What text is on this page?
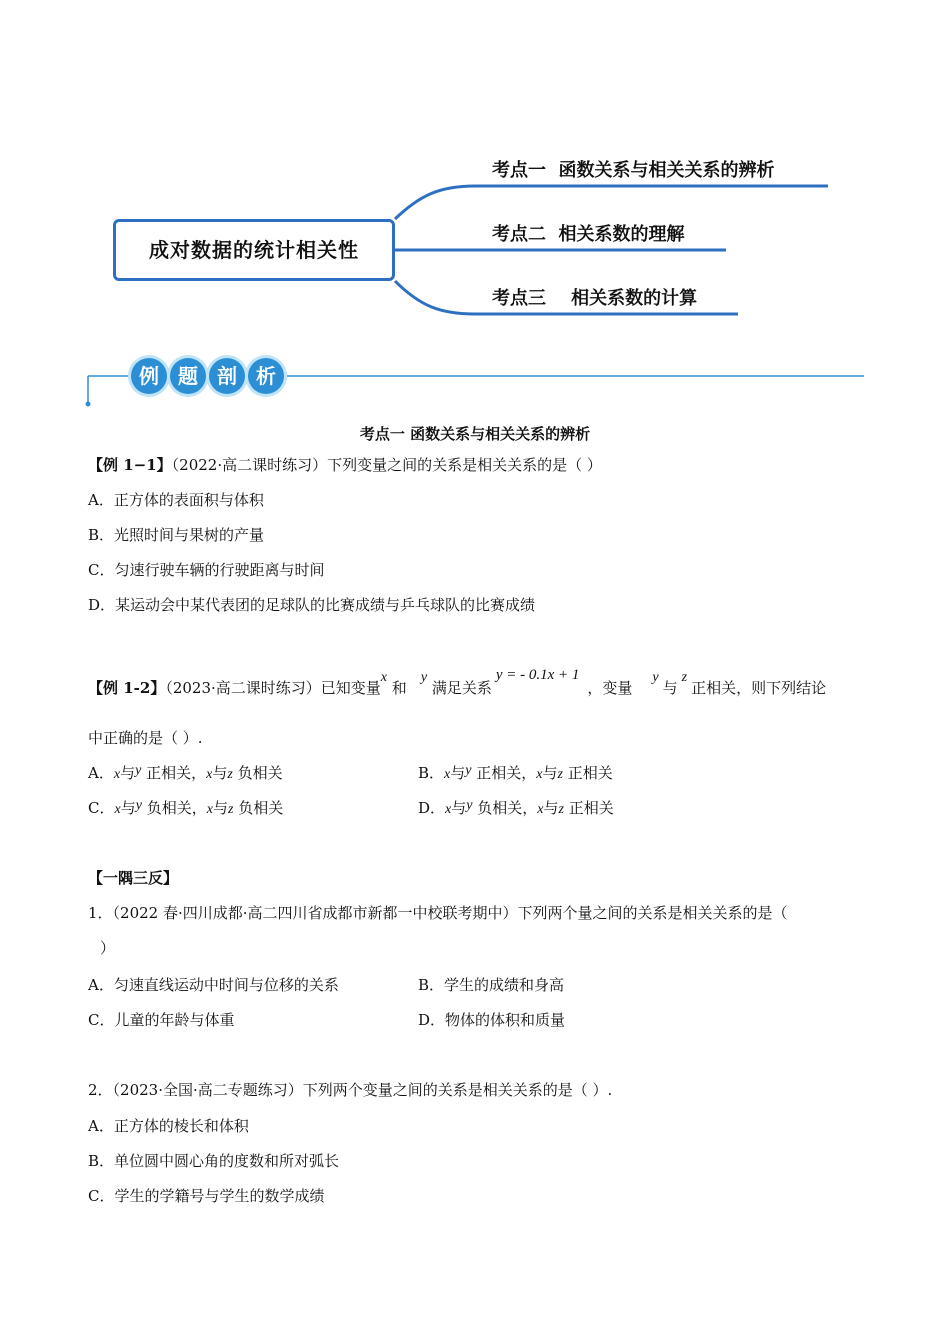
成对数据的统计相关性
考点一  函数关系与相关关系的辨析
考点二  相关系数的理解
考点三    相关系数的计算
例 题 剖 析
考点一 函数关系与相关关系的辨析
【例 1−1】（2022·高二课时练习）下列变量之间的关系是相关关系的是（ ）
A．正方体的表面积与体积
B．光照时间与果树的产量
C．匀速行驶车辆的行驶距离与时间
D．某运动会中某代表团的足球队的比赛成绩与乒乓球队的比赛成绩
【例 1-2】（2023·高二课时练习）已知变量x 和y 满足关系y = - 0.1x + 1，变量y与z正相关，则下列结论
中正确的是（ ）.
A．x与y 正相关，x与z 负相关	B．x与y 正相关，x与z 正相关
C．x与y 负相关，x与z 负相关	D．x与y 负相关，x与z 正相关
【一隅三反】
1．（2022 春·四川成都·高二四川省成都市新都一中校联考期中）下列两个量之间的关系是相关关系的是（
）
A．匀速直线运动中时间与位移的关系	B．学生的成绩和身高
C．儿童的年龄与体重	D．物体的体积和质量
2．（2023·全国·高二专题练习）下列两个变量之间的关系是相关关系的是（ ）.
A．正方体的棱长和体积
B．单位圆中圆心角的度数和所对弧长
C．学生的学籍号与学生的数学成绩
